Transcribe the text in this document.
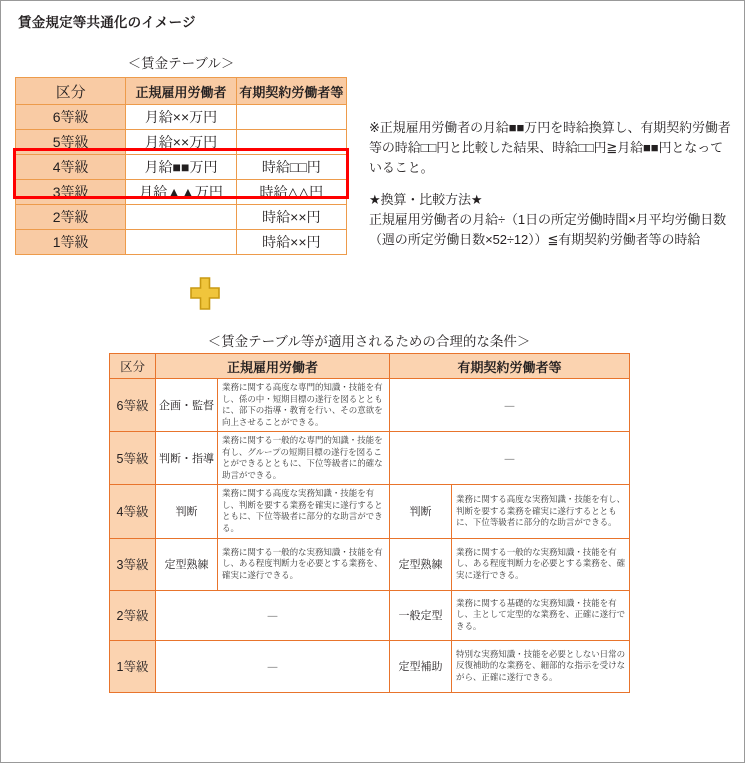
賃金規定等共通化のイメージ
＜賃金テーブル＞
区分	正規雇用労働者	有期契約労働者等
6等級	月給××万円	
5等級	月給××万円	
4等級	月給■■万円	時給□□円
3等級	月給▲▲万円	時給△△円
2等級		時給××円
1等級		時給××円

※正規雇用労働者の月給■■万円を時給換算し、有期契約労働者等の時給□□円と比較した結果、時給□□円≧月給■■円となっていること。

★換算・比較方法★

正規雇用労働者の月給÷（1日の所定労働時間×月平均労働日数（週の所定労働日数×52÷12））≦有期契約労働者等の時給

＜賃金テーブル等が適用されるための合理的な条件＞
区分	正規雇用労働者		有期契約労働者等	
6等級	企画・監督	業務に関する高度な専門的知識・技能を有し、係の中・短期目標の遂行を図るとともに、部下の指導・教育を行い、その意欲を向上させることができる。	－	
5等級	判断・指導	業務に関する一般的な専門的知識・技能を有し、グループの短期目標の遂行を図ることができるとともに、下位等級者に的確な助言ができる。	－	
4等級	判断	業務に関する高度な実務知識・技能を有し、判断を要する業務を確実に遂行するとともに、下位等級者に部分的な助言ができる。	判断	業務に関する高度な実務知識・技能を有し、判断を要する業務を確実に遂行するとともに、下位等級者に部分的な助言ができる。
3等級	定型熟練	業務に関する一般的な実務知識・技能を有し、ある程度判断力を必要とする業務を、確実に遂行できる。	定型熟練	業務に関する一般的な実務知識・技能を有し、ある程度判断力を必要とする業務を、確実に遂行できる。
2等級	－		一般定型	業務に関する基礎的な実務知識・技能を有し、主として定型的な業務を、正確に遂行できる。
1等級	－		定型補助	特別な実務知識・技能を必要としない日常の反復補助的な業務を、細部的な指示を受けながら、正確に遂行できる。
